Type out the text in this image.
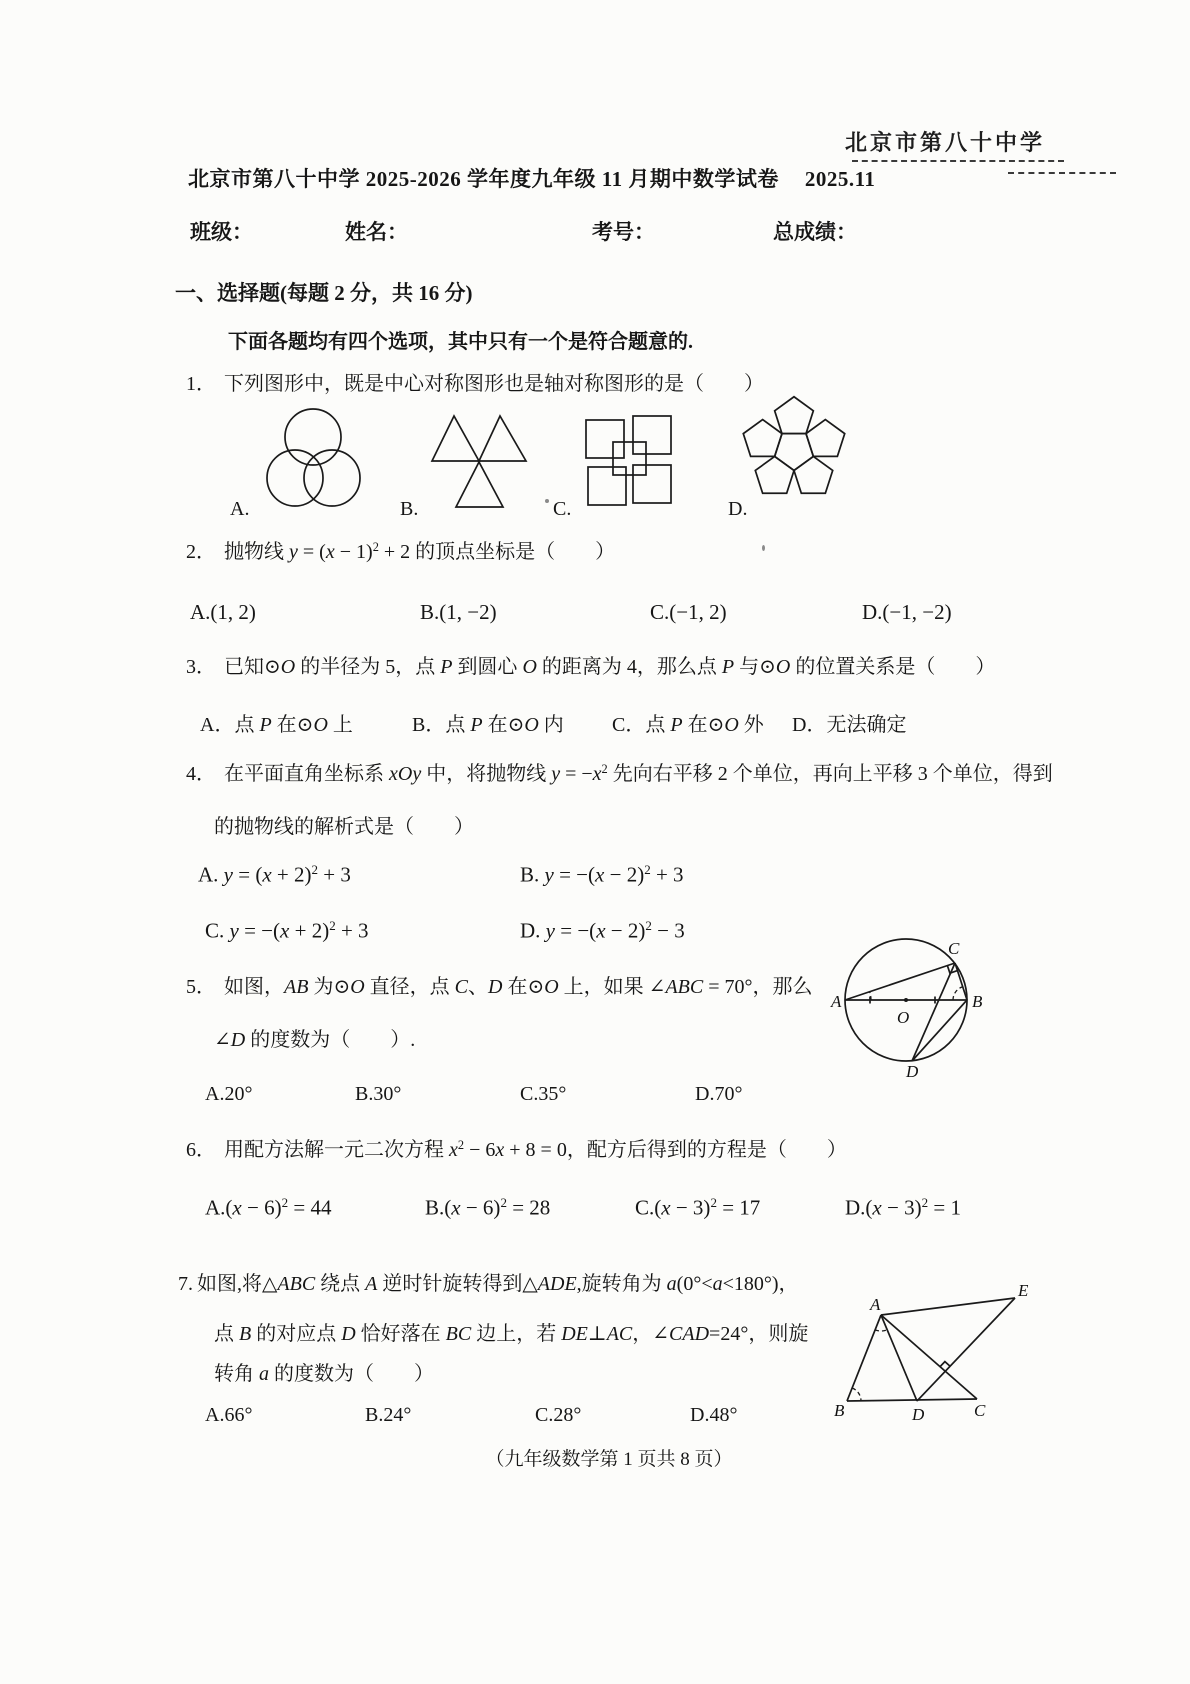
北京市第八十中学
北京市第八十中学 2025-2026 学年度九年级 11 月期中数学试卷 2025.11
班级：	姓名：	考号：	总成绩：
一、选择题(每题 2 分，共 16 分)
下面各题均有四个选项，其中只有一个是符合题意的.
1． 下列图形中，既是中心对称图形也是轴对称图形的是（　　）
A.	B.	C.	D.
2． 抛物线 $y = (x - 1)^2 + 2$ 的顶点坐标是（　　）
A.(1, 2)	B.(1, −2)	C.(−1, 2)	D.(−1, −2)
3． 已知⊙O 的半径为 5，点 P 到圆心 O 的距离为 4，那么点 P 与⊙O 的位置关系是（　　）
A．点 P 在⊙O 上	B．点 P 在⊙O 内 C．点 P 在⊙O 外 D．无法确定
4． 在平面直角坐标系 xOy 中，将抛物线 $y = -x^2$ 先向右平移 2 个单位，再向上平移 3 个单位，得到
的抛物线的解析式是（　　）
A. $y = (x + 2)^2 + 3$	B. $y = -(x - 2)^2 + 3$
C. $y = -(x + 2)^2 + 3$	D. $y = -(x - 2)^2 - 3$
5． 如图，AB 为⊙O 直径，点 C、D 在⊙O 上，如果 ∠ABC = 70°，那么
∠D 的度数为（　　）.
A.20°	B.30°	C.35°	D.70°
A	B
C
D
O
6． 用配方法解一元二次方程 $x^2 - 6x + 8 = 0$，配方后得到的方程是（　　）
$A.(x - 6)^2 = 44$	$B.(x - 6)^2 = 28$	$C.(x - 3)^2 = 17$	$D.(x - 3)^2 = 1$
7. 如图,将△ABC 绕点 A 逆时针旋转得到△ADE,旋转角为 a(0°<a<180°)，
点 B 的对应点 D 恰好落在 BC 边上，若 DE⊥AC，∠CAD=24°，则旋
转角 a 的度数为（　　）
A.66°	B.24°	C.28°	D.48°
A
E
B	D	C
（九年级数学第 1 页共 8 页）
